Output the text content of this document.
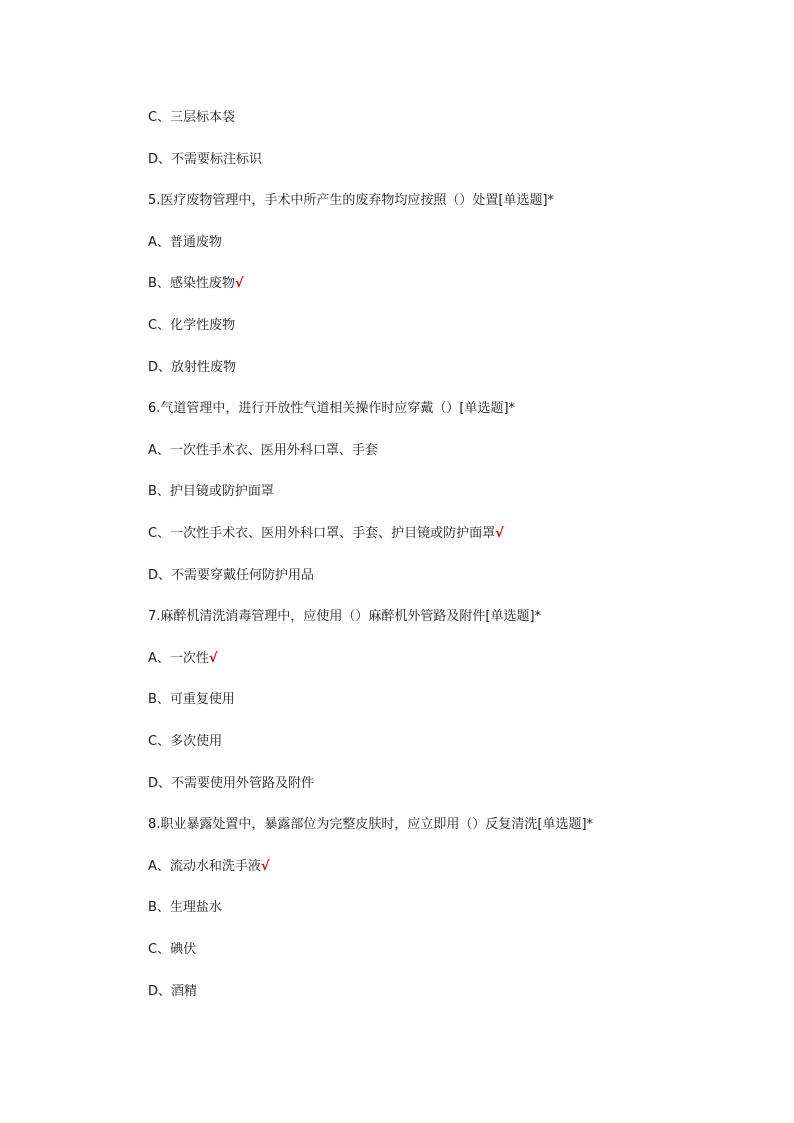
C、三层标本袋
D、不需要标注标识
5.医疗废物管理中，手术中所产生的废弃物均应按照（）处置[单选题]*
A、普通废物
B、感染性废物√
C、化学性废物
D、放射性废物
6.气道管理中，进行开放性气道相关操作时应穿戴（）[单选题]*
A、一次性手术衣、医用外科口罩、手套
B、护目镜或防护面罩
C、一次性手术衣、医用外科口罩、手套、护目镜或防护面罩√
D、不需要穿戴任何防护用品
7.麻醉机清洗消毒管理中，应使用（）麻醉机外管路及附件[单选题]*
A、一次性√
B、可重复使用
C、多次使用
D、不需要使用外管路及附件
8.职业暴露处置中，暴露部位为完整皮肤时，应立即用（）反复清洗[单选题]*
A、流动水和洗手液√
B、生理盐水
C、碘伏
D、酒精
